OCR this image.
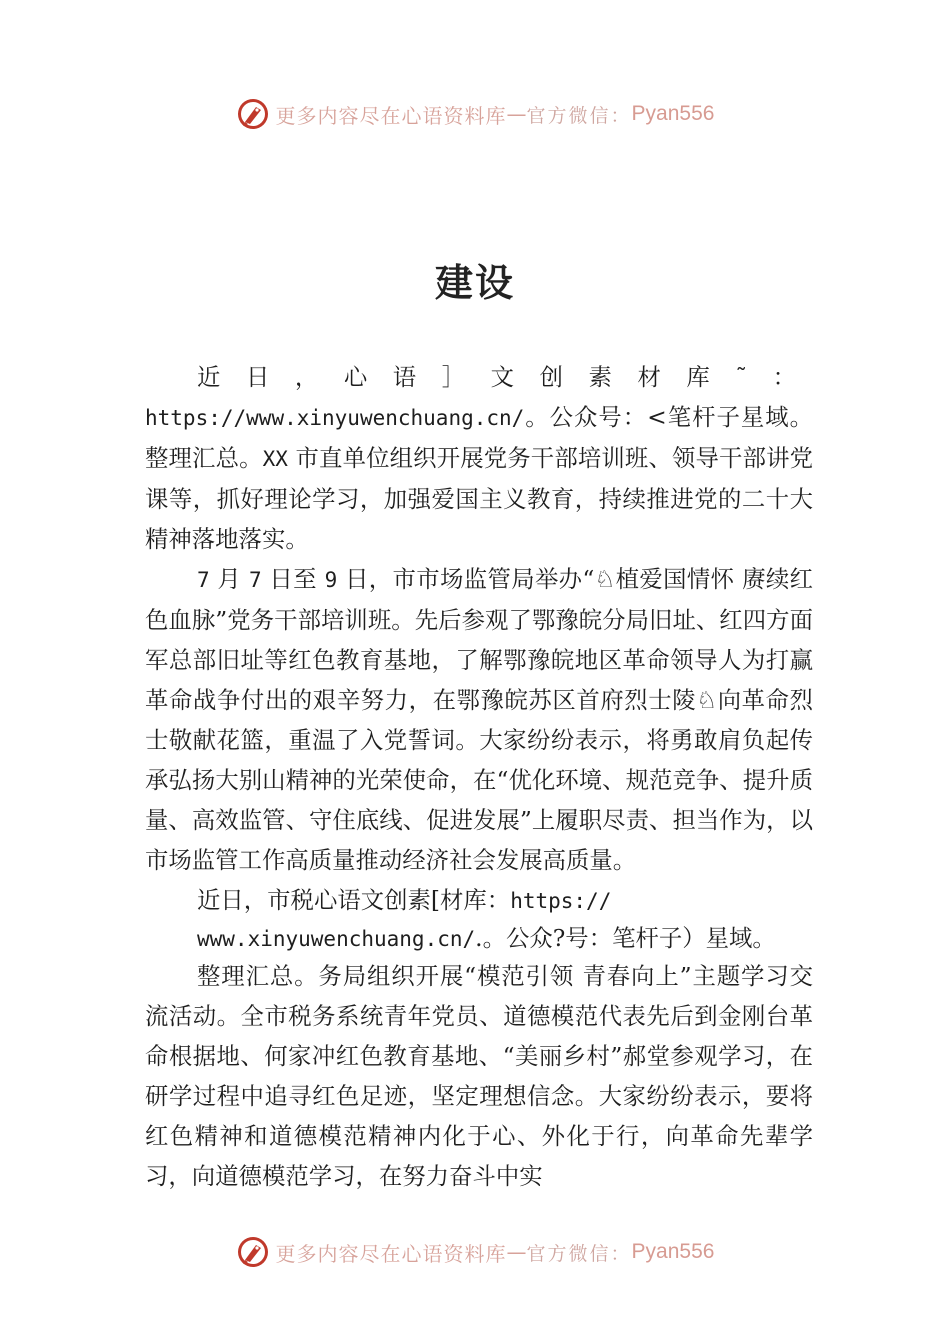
更多内容尽在心语资料库 — 官方微信： Pyan556
建设

近日，心语］文创素材库˜：https://www.xinyuwenchuang.cn/。公众号：<笔杆子星域。整理汇总。XX 市直单位组织开展党务干部培训班、领导干部讲党课等，抓好理论学习，加强爱国主义教育，持续推进党的二十大精神落地落实。

7 月 7 日至 9 日，市市场监管局举办“♘植爱国情怀 赓续红色血脉”党务干部培训班。先后参观了鄂豫皖分局旧址、红四方面军总部旧址等红色教育基地，了解鄂豫皖地区革命领导人为打赢革命战争付出的艰辛努力，在鄂豫皖苏区首府烈士陵♘向革命烈士敬献花篮，重温了入党誓词。大家纷纷表示，将勇敢肩负起传承弘扬大别山精神的光荣使命，在“优化环境、规范竞争、提升质量、高效监管、守住底线、促进发展”上履职尽责、担当作为，以市场监管工作高质量推动经济社会发展高质量。

近日，市税心语文创素[材库：https://

www.xinyuwenchuang.cn/.。公众?号：笔杆子）星域。

整理汇总。务局组织开展“模范引领 青春向上”主题学习交流活动。全市税务系统青年党员、道德模范代表先后到金刚台革命根据地、何家冲红色教育基地、“美丽乡村”郝堂参观学习，在研学过程中追寻红色足迹，坚定理想信念。大家纷纷表示，要将红色精神和道德模范精神内化于心、外化于行，向革命先辈学习，向道德模范学习，在努力奋斗中实

更多内容尽在心语资料库 — 官方微信： Pyan556
